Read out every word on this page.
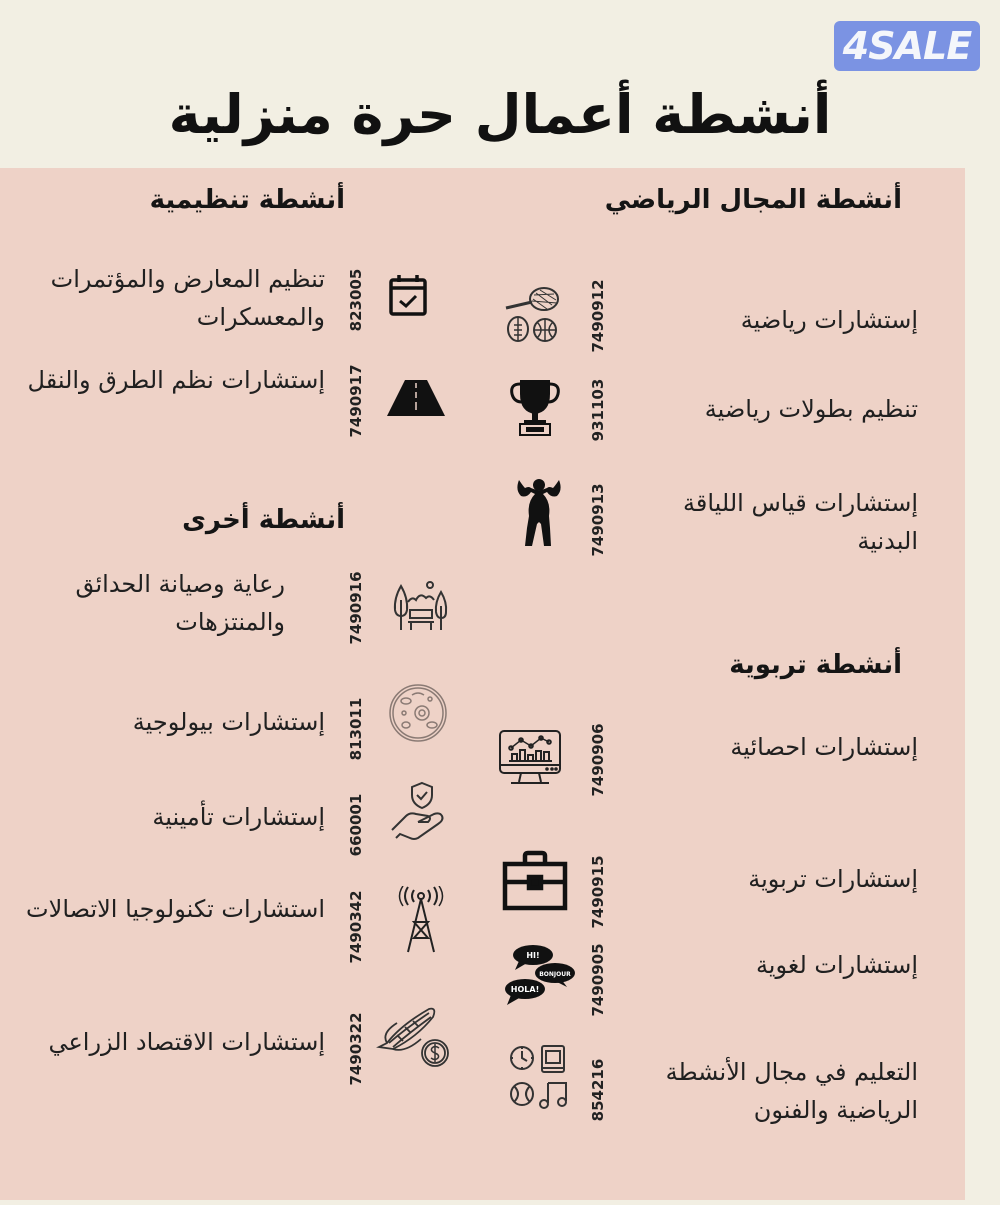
4SALE
أنشطة أعمال حرة منزلية
أنشطة المجال الرياضي
إستشارات رياضية
7490912
تنظيم بطولات رياضية
931103
إستشارات قياس اللياقة البدنية
7490913
أنشطة تربوية
إستشارات احصائية
7490906
إستشارات تربوية
7490915
إستشارات لغوية
7490905
HI!
BONJOUR
HOLA!
التعليم في مجال الأنشطة الرياضية والفنون
854216
أنشطة تنظيمية
تنظيم المعارض والمؤتمرات والمعسكرات 823005
إستشارات نظم الطرق والنقل 7490917
أنشطة أخرى
رعاية وصيانة الحدائق والمنتزهات	7490916
إستشارات بيولوجية 813011
إستشارات تأمينية 660001
استشارات تكنولوجيا الاتصالات 7490342
إستشارات الاقتصاد الزراعي 7490322
